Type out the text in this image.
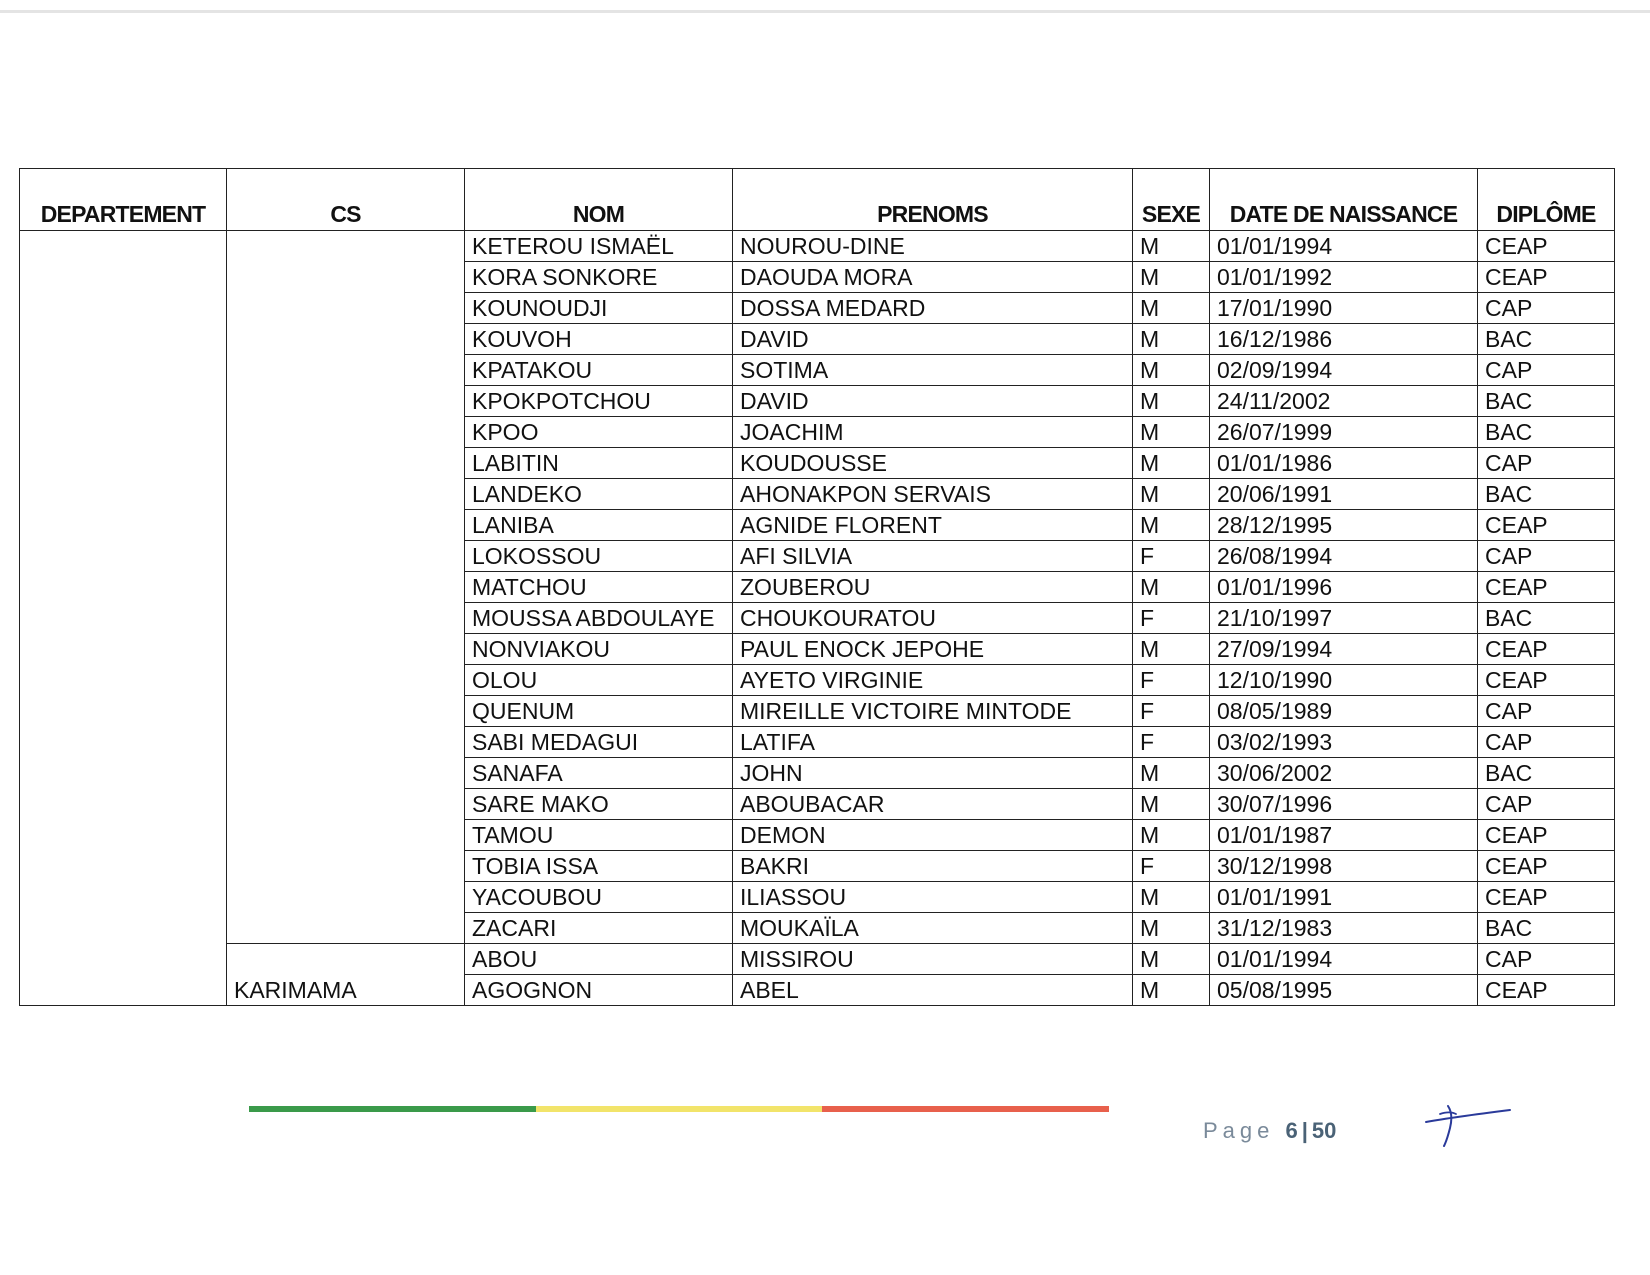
DEPARTEMENT	CS	NOM	PRENOMS	SEXE	DATE DE NAISSANCE	DIPLÔME
		KETEROU ISMAËL	NOUROU-DINE	M	01/01/1994	CEAP
		KORA SONKORE	DAOUDA MORA	M	01/01/1992	CEAP
		KOUNOUDJI	DOSSA MEDARD	M	17/01/1990	CAP
		KOUVOH	DAVID	M	16/12/1986	BAC
		KPATAKOU	SOTIMA	M	02/09/1994	CAP
		KPOKPOTCHOU	DAVID	M	24/11/2002	BAC
		KPOO	JOACHIM	M	26/07/1999	BAC
		LABITIN	KOUDOUSSE	M	01/01/1986	CAP
		LANDEKO	AHONAKPON SERVAIS	M	20/06/1991	BAC
		LANIBA	AGNIDE FLORENT	M	28/12/1995	CEAP
		LOKOSSOU	AFI SILVIA	F	26/08/1994	CAP
		MATCHOU	ZOUBEROU	M	01/01/1996	CEAP
		MOUSSA ABDOULAYE	CHOUKOURATOU	F	21/10/1997	BAC
		NONVIAKOU	PAUL ENOCK JEPOHE	M	27/09/1994	CEAP
		OLOU	AYETO VIRGINIE	F	12/10/1990	CEAP
		QUENUM	MIREILLE VICTOIRE MINTODE	F	08/05/1989	CAP
		SABI MEDAGUI	LATIFA	F	03/02/1993	CAP
		SANAFA	JOHN	M	30/06/2002	BAC
		SARE MAKO	ABOUBACAR	M	30/07/1996	CAP
		TAMOU	DEMON	M	01/01/1987	CEAP
		TOBIA ISSA	BAKRI	F	30/12/1998	CEAP
		YACOUBOU	ILIASSOU	M	01/01/1991	CEAP
		ZACARI	MOUKAÏLA	M	31/12/1983	BAC
	KARIMAMA	ABOU	MISSIROU	M	01/01/1994	CAP
		AGOGNON	ABEL	M	05/08/1995	CEAP
Page 6 | 50
